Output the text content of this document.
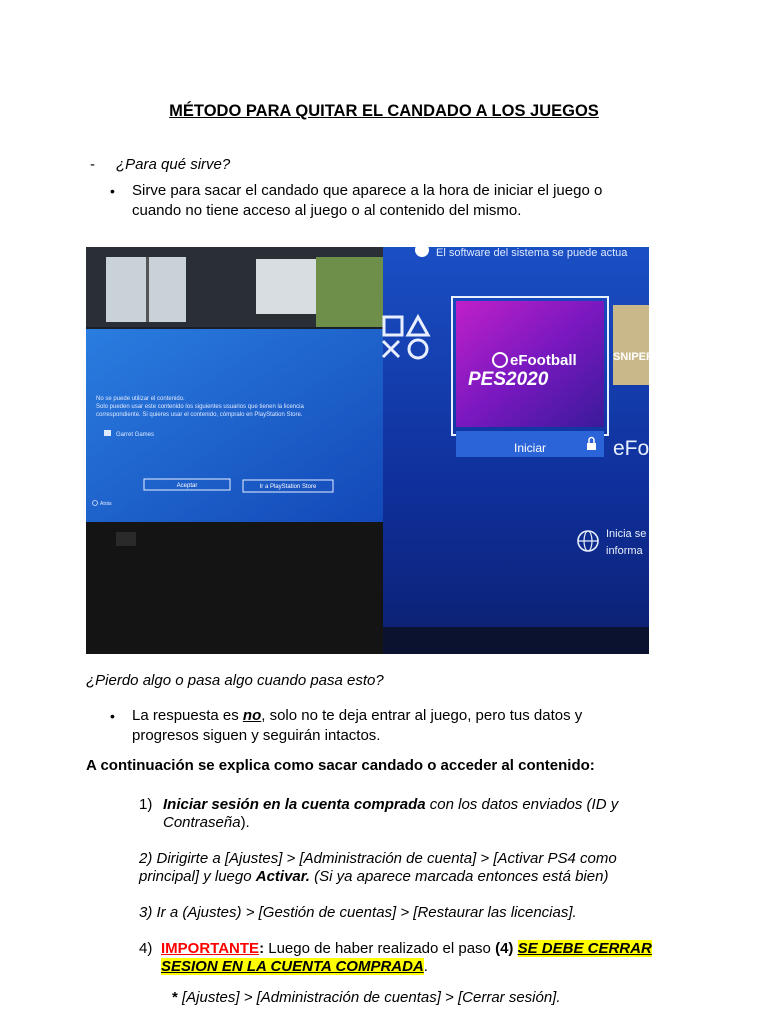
MÉTODO PARA QUITAR EL CANDADO A LOS JUEGOS
- ¿Para qué sirve?
• Sirve para sacar el candado que aparece a la hora de iniciar el juego o cuando no tiene acceso al juego o al contenido del mismo.
No se puede utilizar el contenido.
Solo pueden usar este contenido los siguientes usuarios que tienen la licencia
correspondiente. Si quieres usar el contenido, cómpralo en PlayStation Store.
Garret Games
Aceptar	Ir a PlayStation Store
Atrás
El software del sistema se puede actua
eFootball
PES2020
Iniciar
SNIPER
eFo
Inicia se
informa
¿Pierdo algo o pasa algo cuando pasa esto?
• La respuesta es no, solo no te deja entrar al juego, pero tus datos y progresos siguen y seguirán intactos.
A continuación se explica como sacar candado o acceder al contenido:
1) Iniciar sesión en la cuenta comprada con los datos enviados (ID y Contraseña).
2) Dirigirte a [Ajustes] > [Administración de cuenta] > [Activar PS4 como principal] y luego Activar. (Si ya aparece marcada entonces está bien)
3) Ir a (Ajustes) > [Gestión de cuentas] > [Restaurar las licencias].
4) IMPORTANTE: Luego de haber realizado el paso (4) SE DEBE CERRAR SESION EN LA CUENTA COMPRADA.
* [Ajustes] > [Administración de cuentas] > [Cerrar sesión].
